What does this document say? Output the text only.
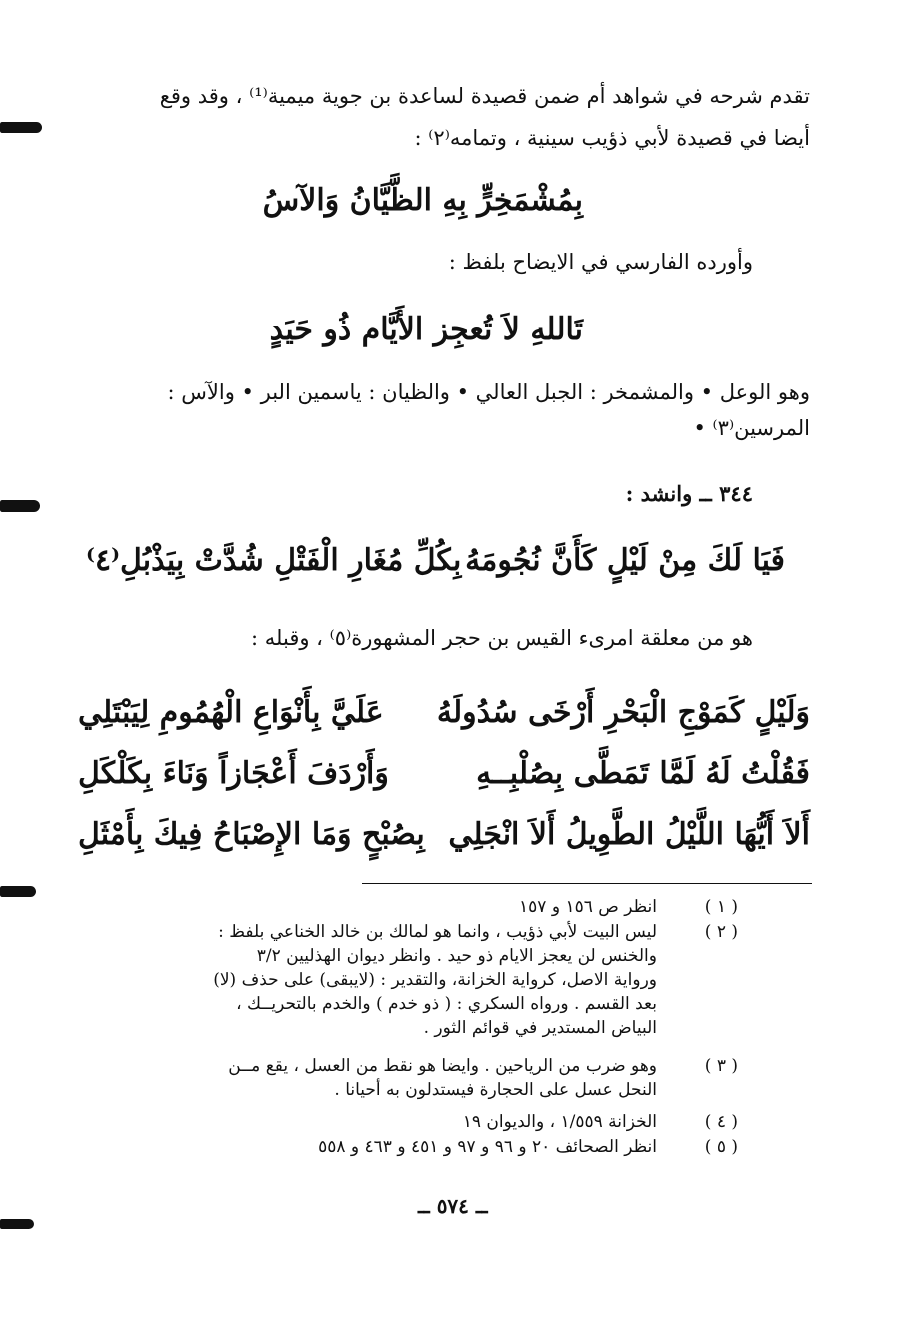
تقدم شرحه في شواهد أم ضمن قصيدة لساعدة بن جوية ميمية⁽¹⁾ ، وقد وقع
أيضا في قصيدة لأبي ذؤيب سينية ، وتمامه⁽٢⁾ :
بِمُشْمَخِرٍّ بِهِ الظَّيَّانُ وَالآسُ
وأورده الفارسي في الايضاح بلفظ :
تَاللهِ لاَ تُعجِز الأَيَّام ذُو حَيَدٍ
وهو الوعل • والمشمخر : الجبل العالي • والظيان : ياسمين البر • والآس :
المرسين⁽٣⁾ •
٣٤٤ ــ وانشد :
فَيَا لَكَ مِنْ لَيْلٍ كَأَنَّ نُجُومَهُ
بِكُلِّ مُغَارِ الْفَتْلِ شُدَّتْ بِيَذْبُلِ⁽٤⁾
هو من معلقة امرىء القيس بن حجر المشهورة⁽٥⁾ ، وقبله :
وَلَيْلٍ كَمَوْجِ الْبَحْرِ أَرْخَى سُدُولَهُ
عَلَيَّ بِأَنْوَاعِ الْهُمُومِ لِيَبْتَلِي
فَقُلْتُ لَهُ لَمَّا تَمَطَّى بِصُلْبِــهِ
وَأَرْدَفَ أَعْجَازاً وَنَاءَ بِكَلْكَلِ
أَلاَ أَيُّهَا اللَّيْلُ الطَّوِيلُ أَلاَ انْجَلِي
بِصُبْحٍ وَمَا الإِصْبَاحُ فِيكَ بِأَمْثَلِ
( ١ )
انظر ص ١٥٦ و ١٥٧
( ٢ )
ليس البيت لأبي ذؤيب ، وانما هو لمالك بن خالد الخناعي بلفظ :
والخنس لن يعجز الايام ذو حيد . وانظر ديوان الهذليين ٣/٢
ورواية الاصل، كرواية الخزانة، والتقدير : (لايبقى) على حذف (لا)
بعد القسم . ورواه السكري : ( ذو خدم ) والخدم بالتحريــك ،
البياض المستدير في قوائم الثور .
( ٣ )
وهو ضرب من الرياحين . وايضا هو نقط من العسل ، يقع مــن
النحل عسل على الحجارة فيستدلون به أحيانا .
( ٤ )
الخزانة ١/٥٥٩ ، والديوان ١٩
( ٥ )
انظر الصحائف ٢٠ و ٩٦ و ٩٧ و ٤٥١ و ٤٦٣ و ٥٥٨
ــ ٥٧٤ ــ
